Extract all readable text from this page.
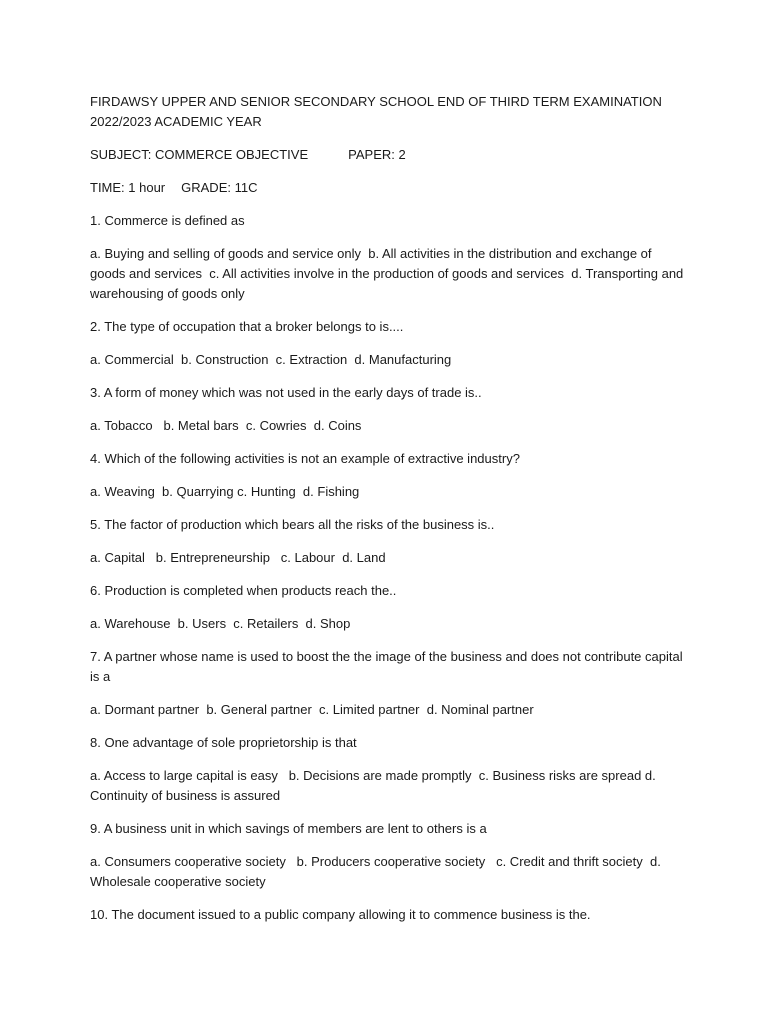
FIRDAWSY UPPER AND SENIOR SECONDARY SCHOOL END OF THIRD TERM EXAMINATION 2022/2023 ACADEMIC YEAR

SUBJECT: COMMERCE OBJECTIVE	PAPER: 2

TIME: 1 hour GRADE: 11C

1. Commerce is defined as

a. Buying and selling of goods and service only  b. All activities in the distribution and exchange of goods and services  c. All activities involve in the production of goods and services  d. Transporting and warehousing of goods only

2. The type of occupation that a broker belongs to is....

a. Commercial  b. Construction  c. Extraction  d. Manufacturing

3. A form of money which was not used in the early days of trade is..

a. Tobacco   b. Metal bars  c. Cowries  d. Coins

4. Which of the following activities is not an example of extractive industry?

a. Weaving  b. Quarrying c. Hunting  d. Fishing

5. The factor of production which bears all the risks of the business is..

a. Capital   b. Entrepreneurship   c. Labour  d. Land

6. Production is completed when products reach the..

a. Warehouse  b. Users  c. Retailers  d. Shop

7. A partner whose name is used to boost the the image of the business and does not contribute capital is a

a. Dormant partner  b. General partner  c. Limited partner  d. Nominal partner

8. One advantage of sole proprietorship is that

a. Access to large capital is easy   b. Decisions are made promptly  c. Business risks are spread d. Continuity of business is assured

9. A business unit in which savings of members are lent to others is a

a. Consumers cooperative society   b. Producers cooperative society   c. Credit and thrift society  d. Wholesale cooperative society

10. The document issued to a public company allowing it to commence business is the.
